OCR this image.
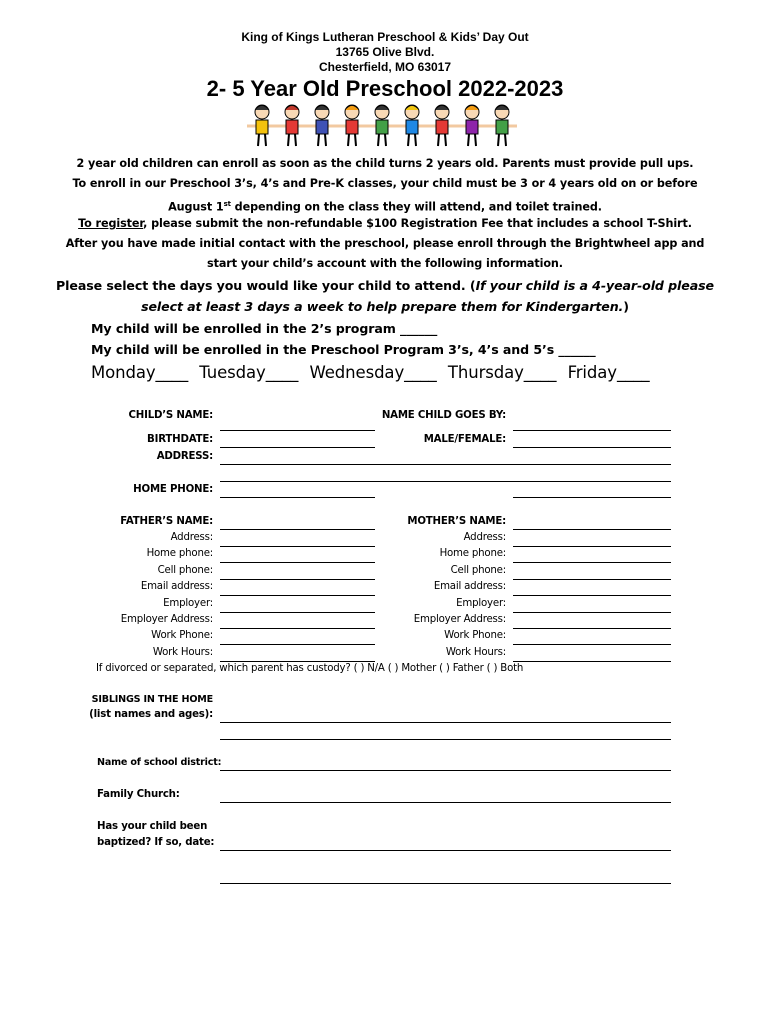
King of Kings Lutheran Preschool & Kids’ Day Out
13765 Olive Blvd.
Chesterfield, MO 63017
2- 5 Year Old Preschool 2022-2023
2 year old children can enroll as soon as the child turns 2 years old. Parents must provide pull ups.
To enroll in our Preschool 3’s, 4’s and Pre-K classes, your child must be 3 or 4 years old on or before
August 1st depending on the class they will attend, and toilet trained.
To register, please submit the non-refundable $100 Registration Fee that includes a school T-Shirt.
After you have made initial contact with the preschool, please enroll through the Brightwheel app and
start your child’s account with the following information.
Please select the days you would like your child to attend. (If your child is a 4-year-old please
select at least 3 days a week to help prepare them for Kindergarten.)
My child will be enrolled in the 2’s program ______
My child will be enrolled in the Preschool Program 3’s, 4’s and 5’s ______
Monday____ Tuesday____ Wednesday____ Thursday____ Friday____
CHILD’S NAME:	NAME CHILD GOES BY:
BIRTHDATE:	MALE/FEMALE:
ADDRESS:
HOME PHONE:
FATHER’S NAME:	MOTHER’S NAME:
Address:	Address:
Home phone:	Home phone:
Cell phone:	Cell phone:
Email address:	Email address:
Employer:	Employer:
Employer Address:	Employer Address:
Work Phone:	Work Phone:
Work Hours:	Work Hours:
If divorced or separated, which parent has custody? ( ) N/A ( ) Mother ( ) Father ( ) Both
SIBLINGS IN THE HOME
(list names and ages):
Name of school district:
Family Church:
Has your child been
baptized? If so, date:
